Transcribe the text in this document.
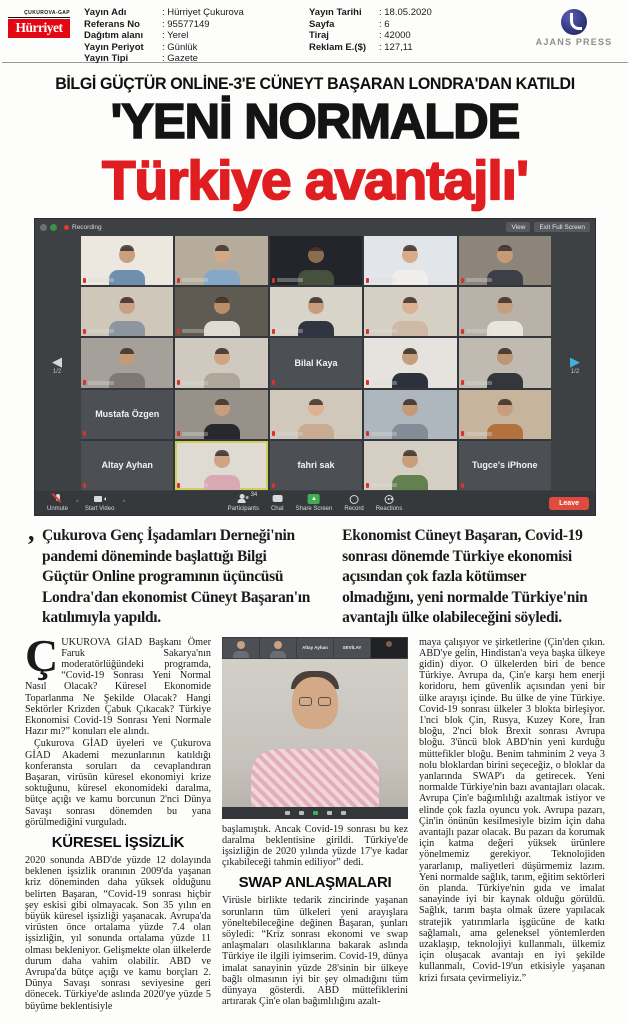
ÇUKUROVA-GAP
Hürriyet
Yayın Adı	: Hürriyet Çukurova
Referans No	: 95577149
Dağıtım alanı	: Yerel
Yayın Periyot	: Günlük
Yayın Tipi	: Gazete
Yayın Tarihi	: 18.05.2020
Sayfa	: 6
Tiraj	: 42000
Reklam E.($)	: 127,11	AJANS PRESS
BİLGİ GÜÇTÜR ONLİNE-3'E CÜNEYT BAŞARAN LONDRA'DAN KATILDI
'YENİ NORMALDE
Türkiye avantajlı'
Recording	View	Exit Full Screen
Bilal Kaya
Mustafa Özgen
Altay Ayhan	fahri sak	Tugce's iPhone
◀
1/2
▶
1/2
Unmute
^
Start Video
^
34
Participants Chat
▲ Share Screen Record Reactions
Leave

, Çukurova Genç İşadamları Derneği'nin pandemi döneminde başlattığı Bilgi Güçtür Online programının üçüncüsü Londra'dan ekonomist Cüneyt Başaran'ın katılımıyla yapıldı.

Ekonomist Cüneyt Başaran, Covid-19 sonrası dönemde Türkiye ekonomisi açısından çok fazla kötümser olmadığını, yeni normalde Türkiye'nin avantajlı ülke olabileceğini söyledi.

ÇUKUROVA GİAD Başkanı Ömer Faruk Sakarya'nın moderatörlüğündeki programda, “Covid-19 Sonrası Yeni Normal Nasıl Olacak? Küresel Ekonomide Toparlanma Ne Şekilde Olacak? Hangi Sektörler Krizden Çabuk Çıkacak? Türkiye Ekonomisi Covid-19 Sonrası Yeni Normale Hazır mı?” konuları ele alındı.

Çukurova GİAD üyeleri ve Çukurova GİAD Akademi mezunlarının katıldığı konferansta soruları da cevaplandıran Başaran, virüsün küresel ekonomiyi krize soktuğunu, küresel ekonomideki daralma, bütçe açığı ve kamu borcunun 2'nci Dünya Savaşı sonrası dönemden bu yana görülmediğini vurguladı.

KÜRESEL İŞSİZLİK

2020 sonunda ABD'de yüzde 12 dolayında beklenen işsizlik oranının 2009'da yaşanan kriz döneminden daha yüksek olduğunu belirten Başaran, “Covid-19 sonrası hiçbir şey eskisi gibi olmayacak. Son 35 yılın en büyük küresel işsizliği yaşanacak. Avrupa'da virüsten önce ortalama yüzde 7.4 olan işsizliğin, yıl sonunda ortalama yüzde 11 olması bekleniyor. Gelişmekte olan ülkelerde durum daha vahim olabilir. ABD ve Avrupa'da bütçe açığı ve kamu borçları 2. Dünya Savaşı sonrası seviyesine geri dönecek. Türkiye'de aslında 2020'ye yüzde 5 büyüme beklentisiyle

Altay Ayhan	SEVİLAY

başlamıştık. Ancak Covid-19 sonrası bu kez daralma beklentisine girildi. Türkiye'de işsizliğin de 2020 yılında yüzde 17'ye kadar çıkabileceği tahmin ediliyor” dedi.

SWAP ANLAŞMALARI

Virüsle birlikte tedarik zincirinde yaşanan sorunların tüm ülkeleri yeni arayışlara yöneltebileceğine değinen Başaran, şunları söyledi: “Kriz sonrası ekonomi ve swap anlaşmaları olasılıklarına bakarak aslında Türkiye ile ilgili iyimserim. Covid-19, dünya imalat sanayinin yüzde 28'sinin bir ülkeye bağlı olmasının iyi bir şey olmadığını tüm dünyaya gösterdi. ABD müttefiklerini artırarak Çin'e olan bağımlılığını azalt-

maya çalışıyor ve şirketlerine (Çin'den çıkın. ABD'ye gelin, Hindistan'a veya başka ülkeye gidin) diyor. O ülkelerden biri de bence Türkiye. Avrupa da, Çin'e karşı hem enerji koridoru, hem güvenlik açısından yeni bir ülke arayışı içinde. Bu ülke de yine Türkiye. Covid-19 sonrası ülkeler 3 blokta birleşiyor. 1'nci blok Çin, Rusya, Kuzey Kore, İran bloğu, 2'nci blok Brexit sonrası Avrupa bloğu. 3'üncü blok ABD'nin yeni kurduğu müttefikler bloğu. Benim tahminim 2 veya 3 nolu bloklardan birini seçeceğiz, o bloklar da yanlarında SWAP'ı da getirecek. Yeni normalde Türkiye'nin bazı avantajları olacak. Avrupa Çin'e bağımlılığı azaltmak istiyor ve elinde çok fazla oyuncu yok. Avrupa pazarı, Çin'in önünün kesilmesiyle bizim için daha avantajlı pazar olacak. Bu pazarı da korumak için katma değeri yüksek ürünlere yönelmemiz gerekiyor. Teknolojiden yararlanıp, maliyetleri düşürmemiz lazım. Yeni normalde sağlık, tarım, eğitim sektörleri ön planda. Türkiye'nin gıda ve imalat sanayinde iyi bir kaynak olduğu görüldü. Sağlık, tarım başta olmak üzere yapılacak stratejik yatırımlarla işgücüne de katkı sağlamalı, ama geleneksel yöntemlerden uzaklaşıp, teknolojiyi kullanmalı, ülkemiz için oluşacak avantajı en iyi şekilde kullanmalı, Covid-19'un etkisiyle yaşanan krizi fırsata çevirmeliyiz.”
